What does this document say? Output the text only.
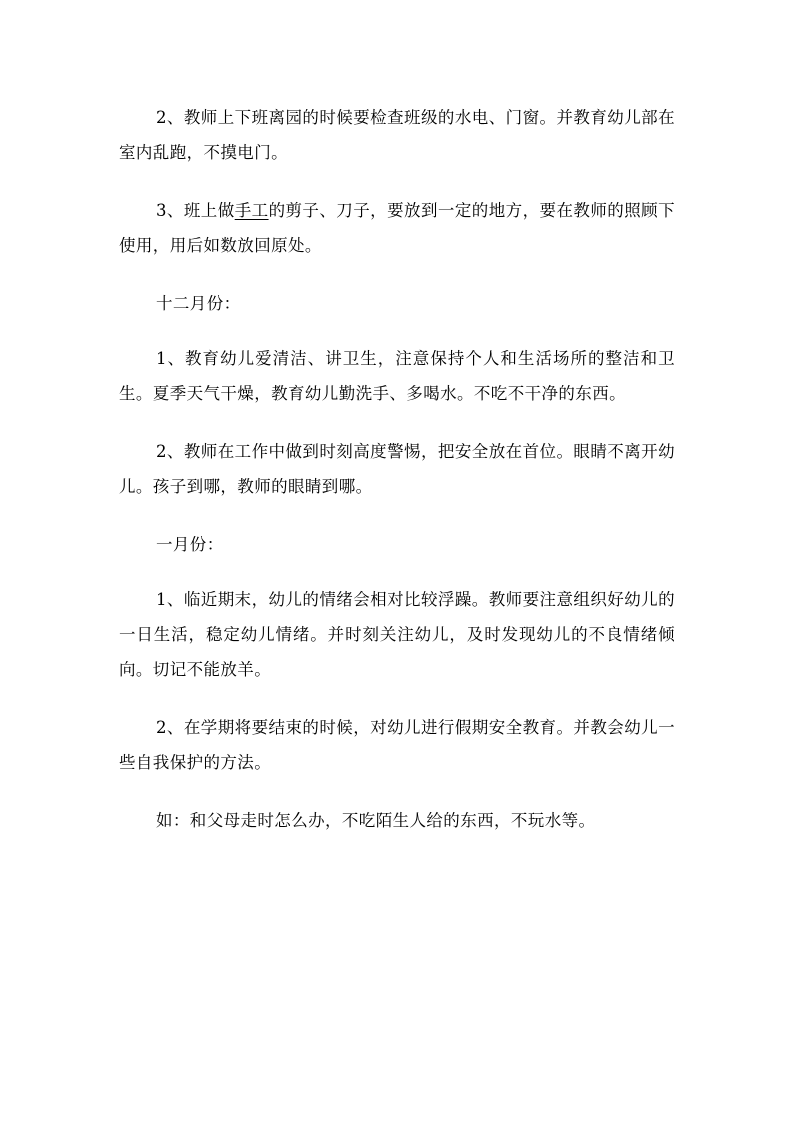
2、教师上下班离园的时候要检查班级的水电、门窗。并教育幼儿部在室内乱跑，不摸电门。

3、班上做手工的剪子、刀子，要放到一定的地方，要在教师的照顾下使用，用后如数放回原处。

十二月份：

1、教育幼儿爱清洁、讲卫生，注意保持个人和生活场所的整洁和卫  生。夏季天气干燥，教育幼儿勤洗手、多喝水。不吃不干净的东西。

2、教师在工作中做到时刻高度警惕，把安全放在首位。眼睛不离开幼儿。孩子到哪，教师的眼睛到哪。

一月份：

1、临近期末，幼儿的情绪会相对比较浮躁。教师要注意组织好幼儿的一日生活，稳定幼儿情绪。并时刻关注幼儿，及时发现幼儿的不良情绪倾向。切记不能放羊。

2、在学期将要结束的时候，对幼儿进行假期安全教育。并教会幼儿一些自我保护的方法。

如：和父母走时怎么办，不吃陌生人给的东西，不玩水等。
